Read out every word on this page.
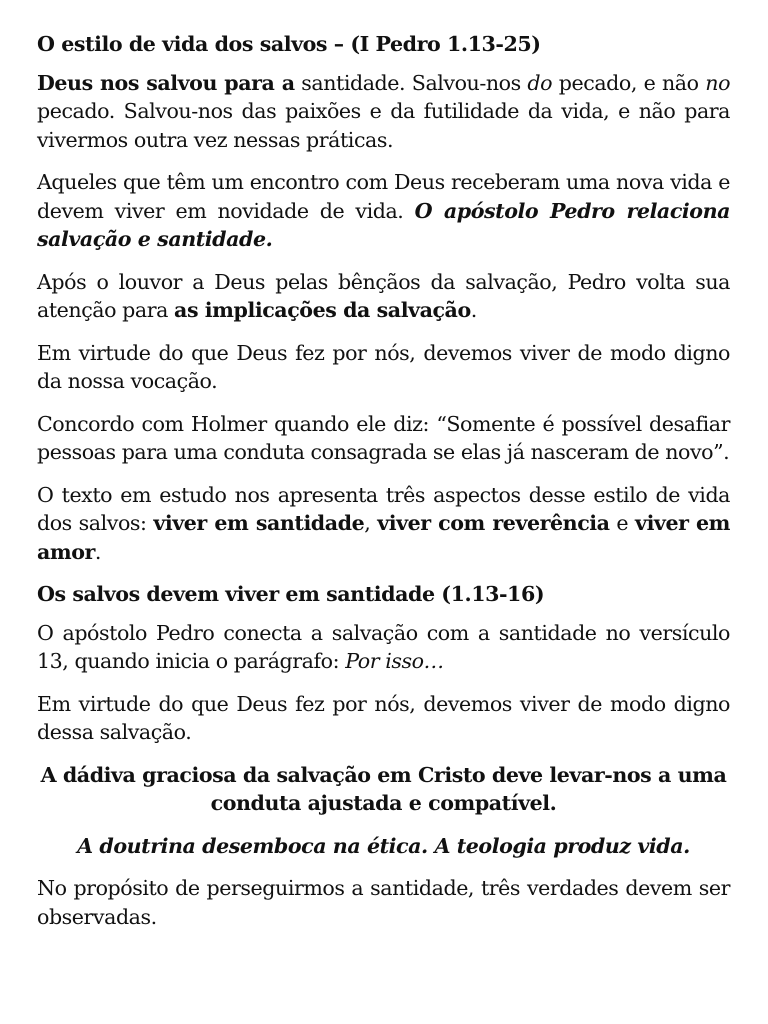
O estilo de vida dos salvos – (I Pedro 1.13-25)

Deus nos salvou para a santidade. Salvou-nos do pecado, e não no pecado. Salvou-nos das paixões e da futilidade da vida, e não para vivermos outra vez nessas práticas.

Aqueles que têm um encontro com Deus receberam uma nova vida e devem viver em novidade de vida. O apóstolo Pedro relaciona salvação e santidade.

Após o louvor a Deus pelas bênçãos da salvação, Pedro volta sua atenção para as implicações da salvação.

Em virtude do que Deus fez por nós, devemos viver de modo digno da nossa vocação.

Concordo com Holmer quando ele diz: “Somente é possível desafiar pessoas para uma conduta consagrada se elas já nasceram de novo”.

O texto em estudo nos apresenta três aspectos desse estilo de vida dos salvos: viver em santidade, viver com reverência e viver em amor.

Os salvos devem viver em santidade (1.13-16)

O apóstolo Pedro conecta a salvação com a santidade no versículo 13, quando inicia o parágrafo: Por isso…

Em virtude do que Deus fez por nós, devemos viver de modo digno dessa salvação.

A dádiva graciosa da salvação em Cristo deve levar-nos a uma conduta ajustada e compatível.

A doutrina desemboca na ética. A teologia produz vida.

No propósito de perseguirmos a santidade, três verdades devem ser observadas.
